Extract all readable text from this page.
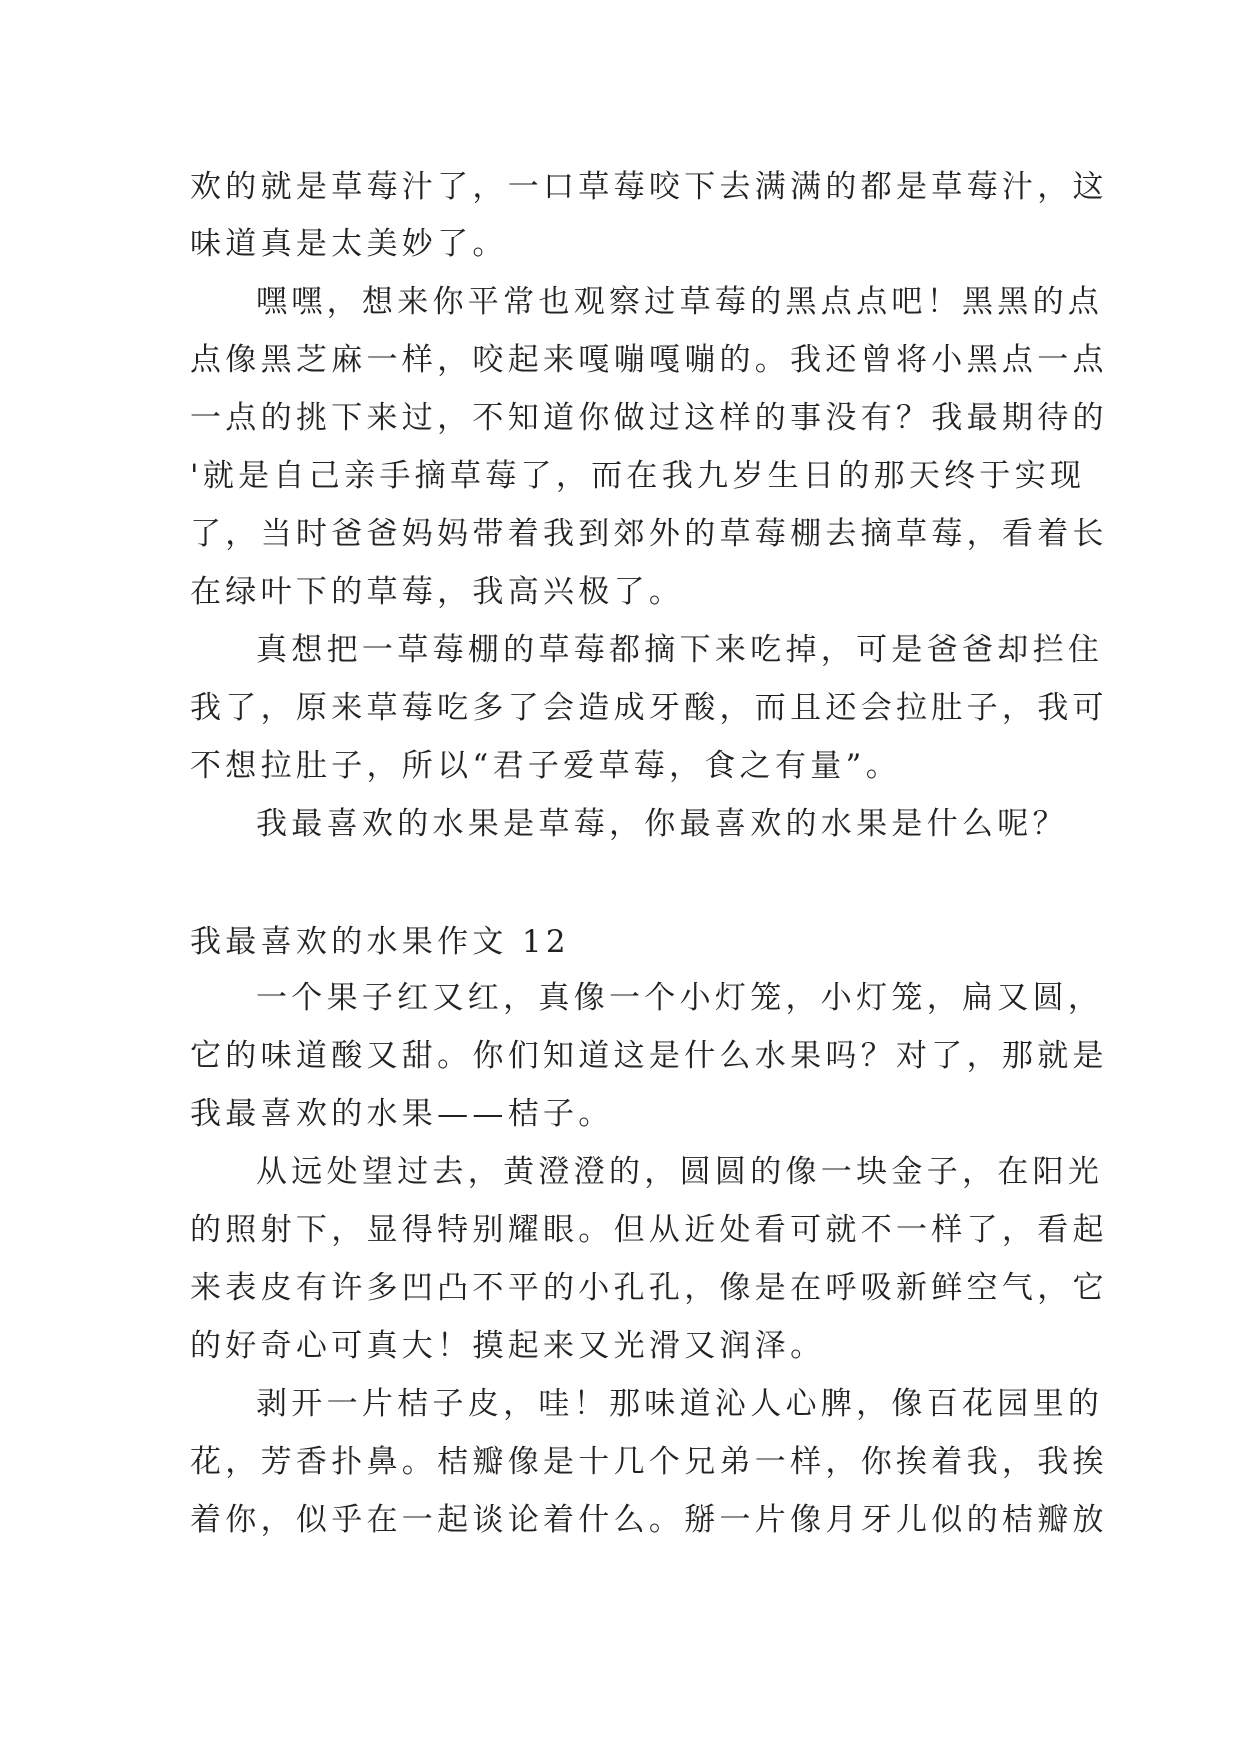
欢的就是草莓汁了，一口草莓咬下去满满的都是草莓汁，这
味道真是太美妙了。
嘿嘿，想来你平常也观察过草莓的黑点点吧！黑黑的点
点像黑芝麻一样，咬起来嘎嘣嘎嘣的。我还曾将小黑点一点
一点的挑下来过，不知道你做过这样的事没有？我最期待的
'就是自己亲手摘草莓了，而在我九岁生日的那天终于实现
了，当时爸爸妈妈带着我到郊外的草莓棚去摘草莓，看着长
在绿叶下的草莓，我高兴极了。
真想把一草莓棚的草莓都摘下来吃掉，可是爸爸却拦住
我了，原来草莓吃多了会造成牙酸，而且还会拉肚子，我可
不想拉肚子，所以“君子爱草莓，食之有量”。
我最喜欢的水果是草莓，你最喜欢的水果是什么呢？
我最喜欢的水果作文 12
一个果子红又红，真像一个小灯笼，小灯笼，扁又圆，
它的味道酸又甜。你们知道这是什么水果吗？对了，那就是
我最喜欢的水果——桔子。
从远处望过去，黄澄澄的，圆圆的像一块金子，在阳光
的照射下，显得特别耀眼。但从近处看可就不一样了，看起
来表皮有许多凹凸不平的小孔孔，像是在呼吸新鲜空气，它
的好奇心可真大！摸起来又光滑又润泽。
剥开一片桔子皮，哇！那味道沁人心脾，像百花园里的
花，芳香扑鼻。桔瓣像是十几个兄弟一样，你挨着我，我挨
着你，似乎在一起谈论着什么。掰一片像月牙儿似的桔瓣放
